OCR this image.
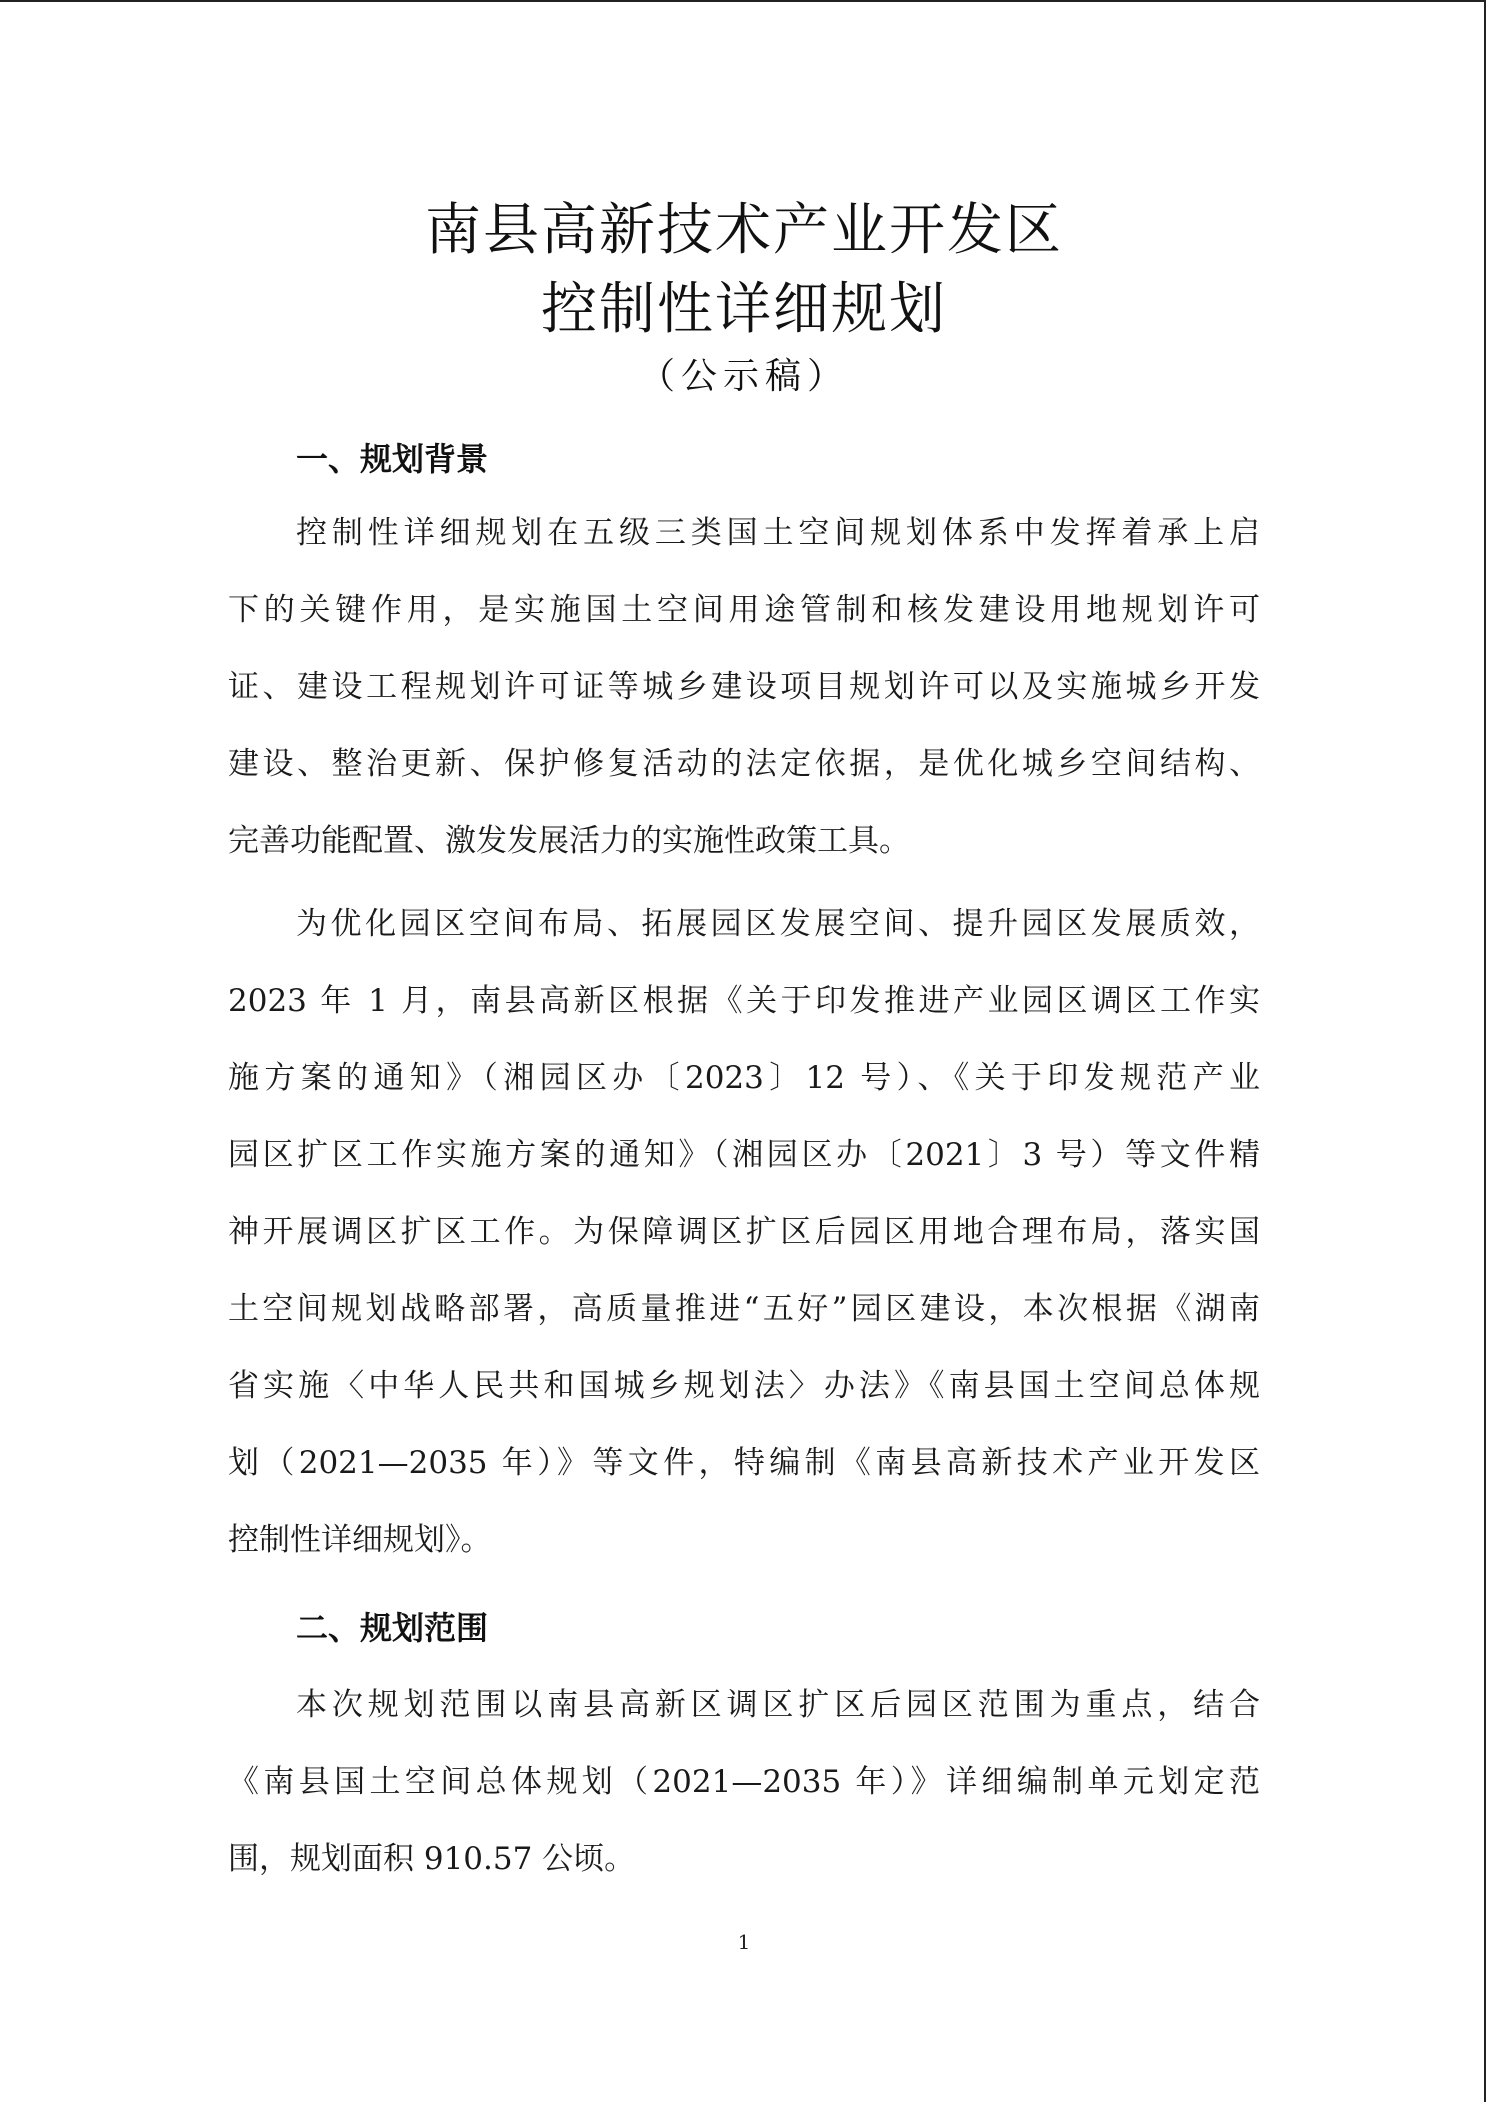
南县高新技术产业开发区
控制性详细规划
（公示稿）
一、规划背景
控制性详细规划在五级三类国土空间规划体系中发挥着承上启
下的关键作用，是实施国土空间用途管制和核发建设用地规划许可
证、建设工程规划许可证等城乡建设项目规划许可以及实施城乡开发
建设、整治更新、保护修复活动的法定依据，是优化城乡空间结构、
完善功能配置、激发发展活力的实施性政策工具。
为优化园区空间布局、拓展园区发展空间、提升园区发展质效，
2023 年 1 月，南县高新区根据《关于印发推进产业园区调区工作实
施方案的通知》（湘园区办〔2023〕12 号）、《关于印发规范产业
园区扩区工作实施方案的通知》（湘园区办〔2021〕3 号）等文件精
神开展调区扩区工作。为保障调区扩区后园区用地合理布局，落实国
土空间规划战略部署，高质量推进“五好”园区建设，本次根据《湖南
省实施〈中华人民共和国城乡规划法〉办法》《南县国土空间总体规
划（2021—2035 年）》等文件，特编制《南县高新技术产业开发区
控制性详细规划》。
二、规划范围
本次规划范围以南县高新区调区扩区后园区范围为重点，结合
《南县国土空间总体规划（2021—2035 年）》详细编制单元划定范
围，规划面积 910.57 公顷。
1
